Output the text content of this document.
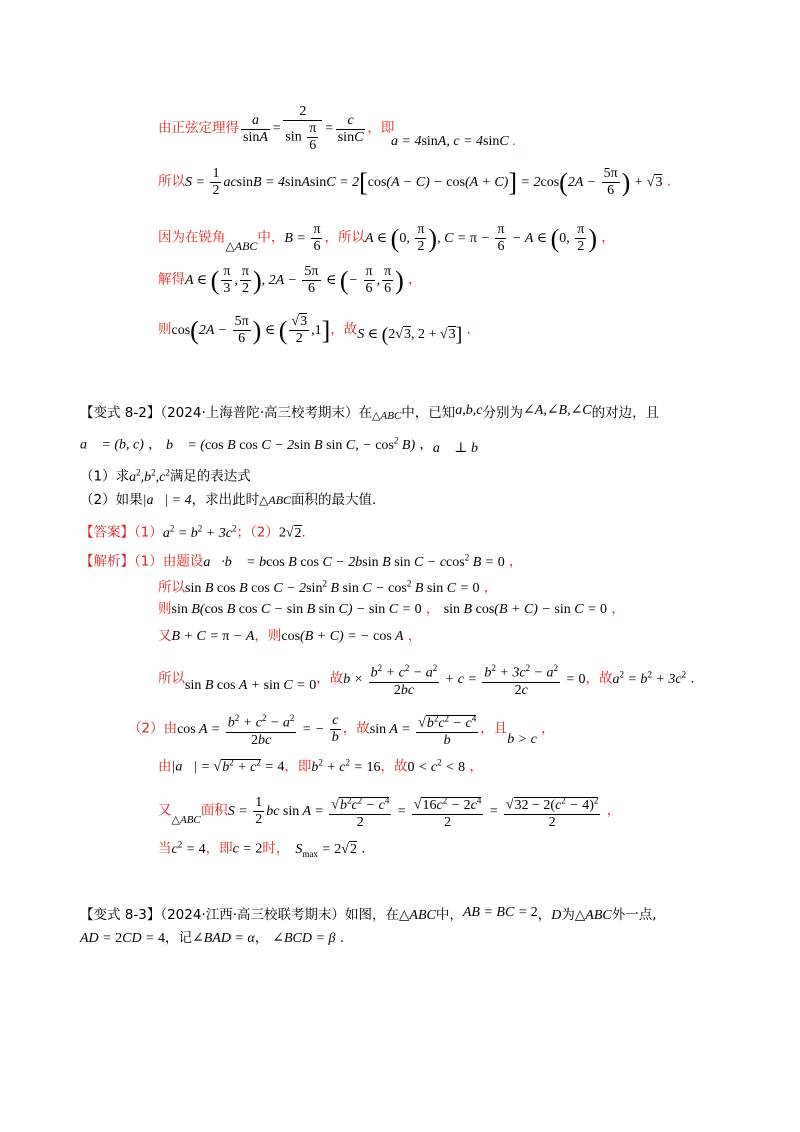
由正弦定理得 $\frac{a}{\sin A} = \frac{2}{\sin \frac{\pi}{6}} = \frac{c}{\sin C}$ ，即
a = 4sinA, c = 4sinC .
所以$S = \frac{1}{2}$ acsinB = 4sinAsinC = $2[\cos(A - C) - \cos(A + C)] = 2\cos(2A - \frac{5\pi}{6}$ ) + √3 .
因为在锐角△ABC中，$B = \frac{\pi}{6}$ ，所以A ∈ (0, $\frac{\pi}{2}$ ), $C = \pi - \frac{\pi}{6} - A$ ∈ (0, $\frac{\pi}{2}$ ) ，
解得A ∈ ( $\frac{\pi}{3}$ , $\frac{\pi}{2}$ ), $2A - \frac{5\pi}{6}$ ∈ (− $\frac{\pi}{6}$ , $\frac{\pi}{6}$ ) ，
则$\cos(2A - \frac{5\pi}{6}$ ) ∈ ( $\frac{√3}{2} ,1$]，故S ∈ (2√3, 2 + √3] .
【变式 8-2】（2024·上海普陀·高三校考期末）在△ABC中，已知a,b,c分别为∠A,∠B,∠C的对边，且
a⃗ = (b, c) ， b⃗ = (cos B cos C − 2sin B sin C, − $\cos^2 B$) ，a⃗ ⊥ b⃗
（1）求$a^2,b^2,c^2$满足的表达式
（2）如果|a⃗| = 4，求出此时△ABC面积的最大值.
【答案】$(1)a^2 = b^2 + 3c^2$；（2）2√2.
【解析】（1）由题设a⃗·b⃗ = bcos B cos C − 2bsin B sin C − ccos$^2$ B = 0 ，
所以sin B cos B $\cos C - 2\sin^2$ B $\sin C - \cos^2 B$ sin C = 0 ，
则sin B(cos B cos C − sin B sin C) − sin C = 0 ， sin B cos(B + C) − sin C = 0 ，
又B + C = π − A，则cos(B + C) = − cos A ，
所以sin B cos A + sin C = 0，故$b \times \frac{b^2 + c^2 - a^2}{2bc} + c = \frac{b^2 + 3c^2 - a^2}{2c} = 0$，故$a^2 = b^2 + 3c^2$ .
（2）由$\cos A = \frac{b^2 + c^2 - a^2}{2bc}$ = − $\frac{c}{b}$ ，故$\sin A = \frac{√b^2c^2 - c^4}{b}$ ，且b > c ，
由|a⃗| = $√b^2 + c^2 = 4$，即$b^2 + c^2 = 16$，故$0 < c^2 < 8$ ，
又$_{\triangle ABC}$面积$S = \frac{1}{2}$ bc $\sin A = \frac{√b^2c^2 - c^4}{2} = \frac{√16c^2 - 2c^4}{2} = \frac{√32 - 2(c^2 - 4)^2}{2}$ ，
当$c^2 = 4$，即c = 2时， $S_{max} = 2√2$ .
【变式 8-3】（2024·江西·高三校联考期末）如图，在△ABC中，AB = BC = 2，D为△ABC外一点,
AD = 2CD = 4，记∠BAD = α， ∠BCD = β .
